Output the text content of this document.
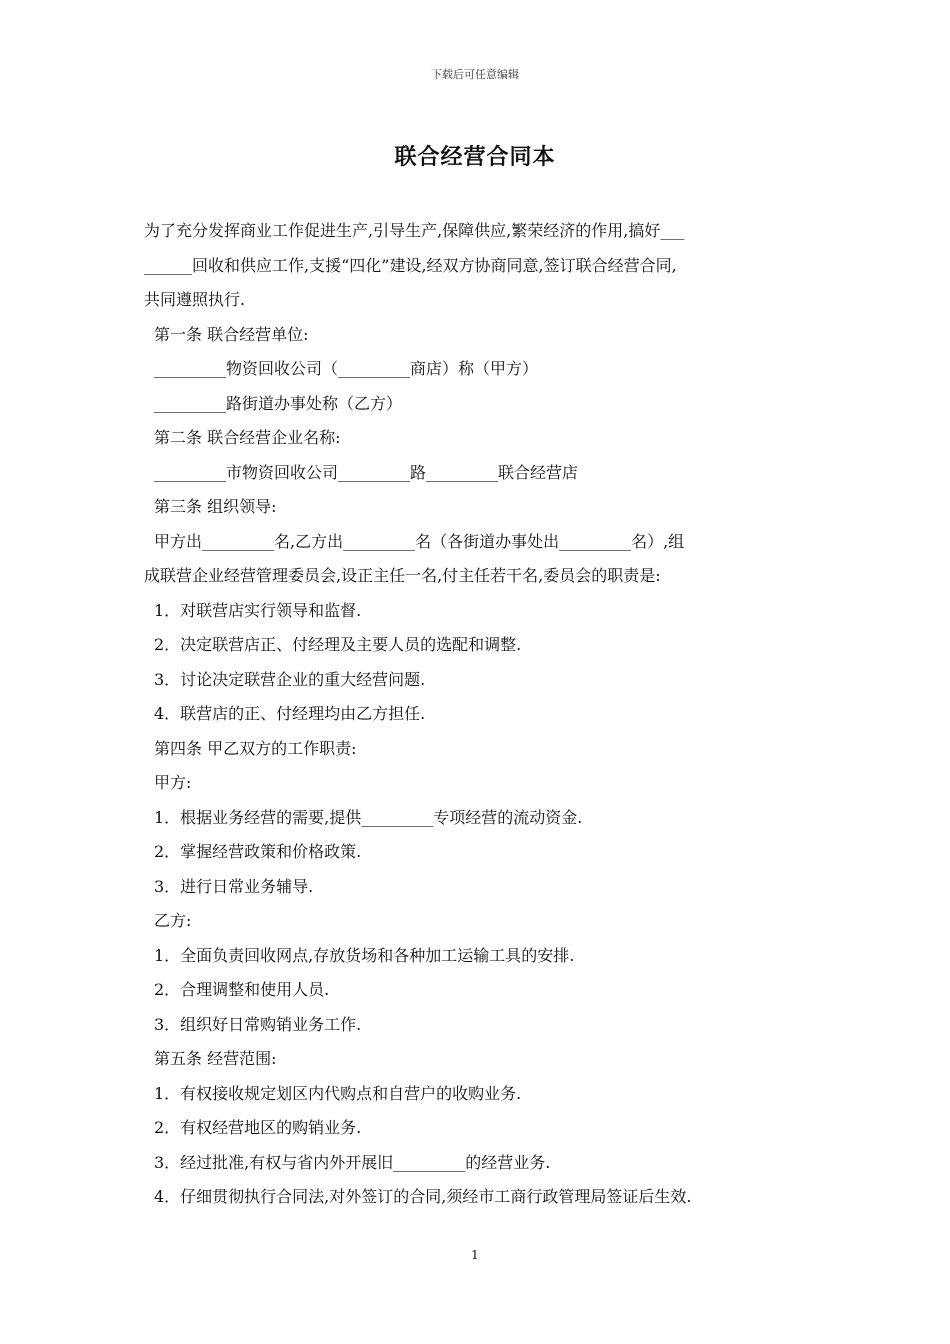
下载后可任意编辑
联合经营合同本

为了充分发挥商业工作促进生产,引导生产,保障供应,繁荣经济的作用,搞好___

______回收和供应工作,支援“四化”建设,经双方协商同意,签订联合经营合同,

共同遵照执行.

第一条 联合经营单位:
_________物资回收公司（_________商店）称（甲方）
_________路街道办事处称（乙方）
第二条 联合经营企业名称:
_________市物资回收公司_________路_________联合经营店
第三条 组织领导:
甲方出_________名,乙方出_________名（各街道办事处出_________名）,组
成联营企业经营管理委员会,设正主任一名,付主任若干名,委员会的职责是:
1．对联营店实行领导和监督.
2．决定联营店正、付经理及主要人员的选配和调整.
3．讨论决定联营企业的重大经营问题.
4．联营店的正、付经理均由乙方担任.
第四条 甲乙双方的工作职责:
甲方:
1．根据业务经营的需要,提供_________专项经营的流动资金.
2．掌握经营政策和价格政策.
3．进行日常业务辅导.
乙方:
1．全面负责回收网点,存放货场和各种加工运输工具的安排.
2．合理调整和使用人员.
3．组织好日常购销业务工作.
第五条 经营范围:
1．有权接收规定划区内代购点和自营户的收购业务.
2．有权经营地区的购销业务.
3．经过批准,有权与省内外开展旧_________的经营业务.
4．仔细贯彻执行合同法,对外签订的合同,须经市工商行政管理局签证后生效.
1
